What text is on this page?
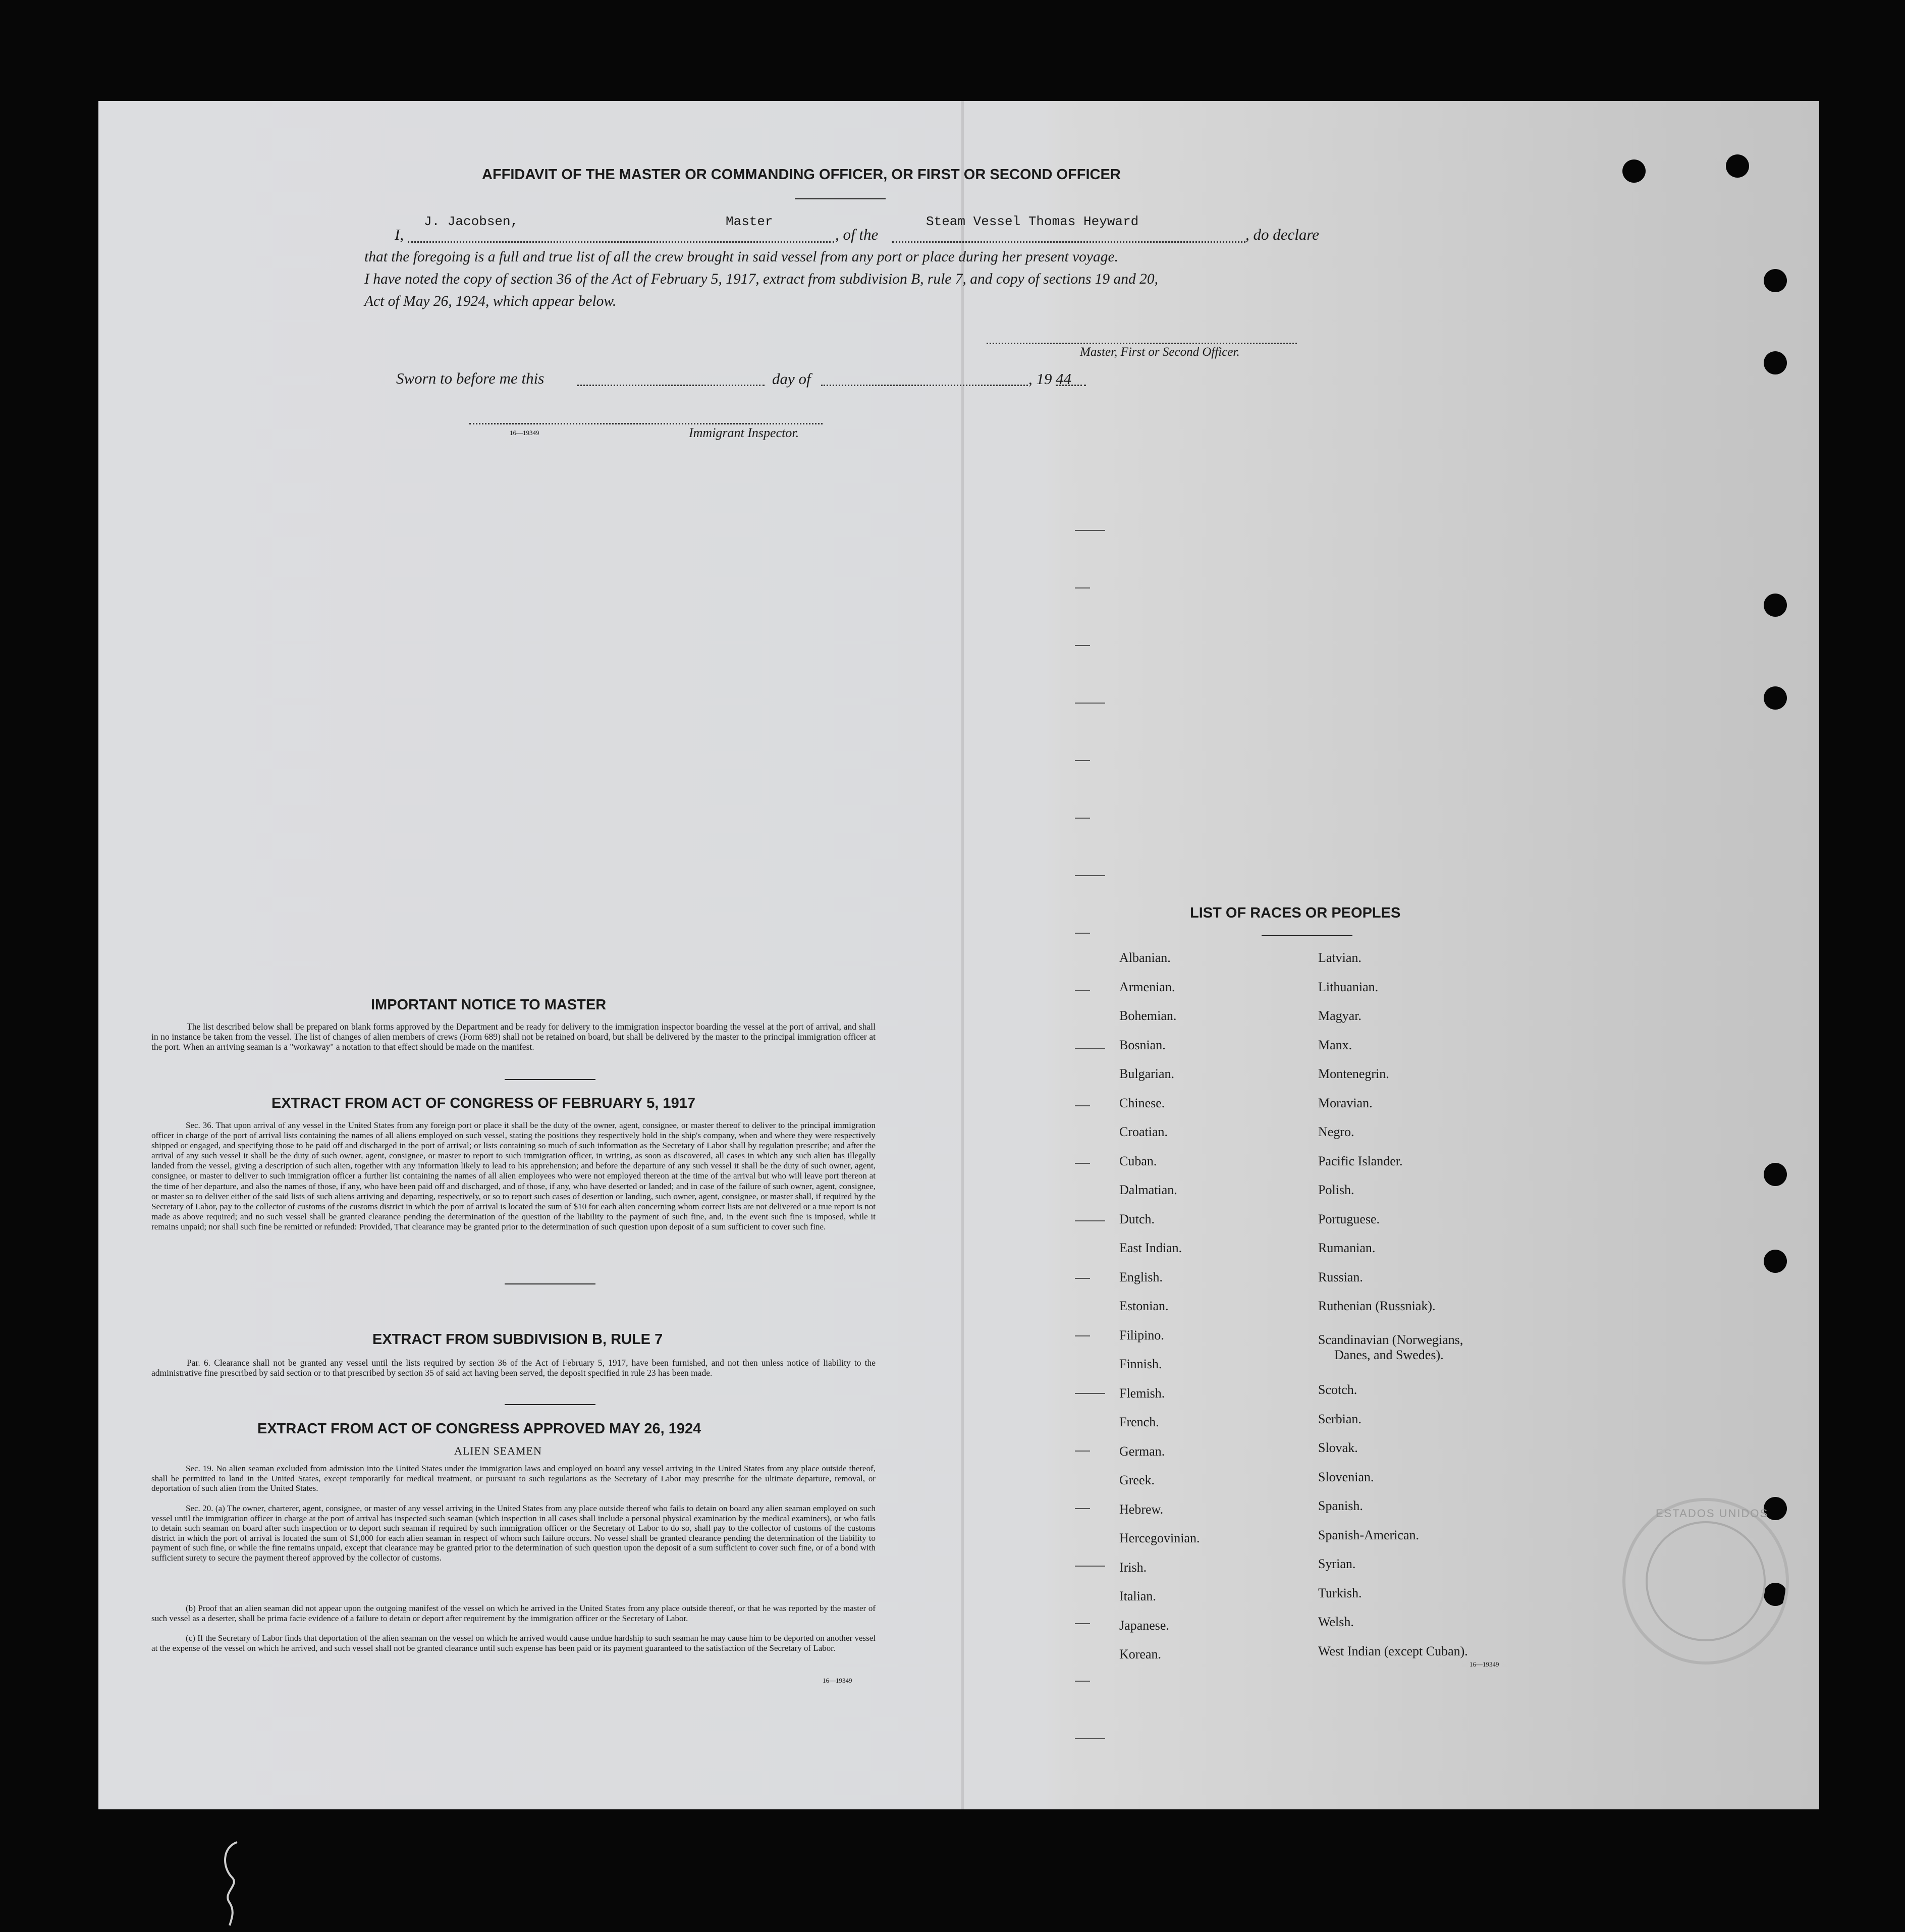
AFFIDAVIT OF THE MASTER OR COMMANDING OFFICER, OR FIRST OR SECOND OFFICER
I,
J. Jacobsen,	Master
, of the
Steam Vessel Thomas Heyward
, do declare
that the foregoing is a full and true list of all the crew brought in said vessel from any port or place during her present voyage.
I have noted the copy of section 36 of the Act of February 5, 1917, extract from subdivision B, rule 7, and copy of sections 19 and 20,
Act of May 26, 1924, which appear below.
Master, First or Second Officer.
Sworn to before me this	day of	, 19 44
16—19349	Immigrant Inspector.
IMPORTANT NOTICE TO MASTER
The list described below shall be prepared on blank forms approved by the Department and be ready for delivery to the immigration inspector boarding the vessel at the port of arrival, and shall in no instance be taken from the vessel. The list of changes of alien members of crews (Form 689) shall not be retained on board, but shall be delivered by the master to the principal immigration officer at the port. When an arriving seaman is a "workaway" a notation to that effect should be made on the manifest.
EXTRACT FROM ACT OF CONGRESS OF FEBRUARY 5, 1917
Sec. 36. That upon arrival of any vessel in the United States from any foreign port or place it shall be the duty of the owner, agent, consignee, or master thereof to deliver to the principal immigration officer in charge of the port of arrival lists containing the names of all aliens employed on such vessel, stating the positions they respectively hold in the ship's company, when and where they were respectively shipped or engaged, and specifying those to be paid off and discharged in the port of arrival; or lists containing so much of such information as the Secretary of Labor shall by regulation prescribe; and after the arrival of any such vessel it shall be the duty of such owner, agent, consignee, or master to report to such immigration officer, in writing, as soon as discovered, all cases in which any such alien has illegally landed from the vessel, giving a description of such alien, together with any information likely to lead to his apprehension; and before the departure of any such vessel it shall be the duty of such owner, agent, consignee, or master to deliver to such immigration officer a further list containing the names of all alien employees who were not employed thereon at the time of the arrival but who will leave port thereon at the time of her departure, and also the names of those, if any, who have been paid off and discharged, and of those, if any, who have deserted or landed; and in case of the failure of such owner, agent, consignee, or master so to deliver either of the said lists of such aliens arriving and departing, respectively, or so to report such cases of desertion or landing, such owner, agent, consignee, or master shall, if required by the Secretary of Labor, pay to the collector of customs of the customs district in which the port of arrival is located the sum of $10 for each alien concerning whom correct lists are not delivered or a true report is not made as above required; and no such vessel shall be granted clearance pending the determination of the question of the liability to the payment of such fine, and, in the event such fine is imposed, while it remains unpaid; nor shall such fine be remitted or refunded: Provided, That clearance may be granted prior to the determination of such question upon deposit of a sum sufficient to cover such fine.
EXTRACT FROM SUBDIVISION B, RULE 7
Par. 6. Clearance shall not be granted any vessel until the lists required by section 36 of the Act of February 5, 1917, have been furnished, and not then unless notice of liability to the administrative fine prescribed by said section or to that prescribed by section 35 of said act having been served, the deposit specified in rule 23 has been made.
EXTRACT FROM ACT OF CONGRESS APPROVED MAY 26, 1924
ALIEN SEAMEN
Sec. 19. No alien seaman excluded from admission into the United States under the immigration laws and employed on board any vessel arriving in the United States from any place outside thereof, shall be permitted to land in the United States, except temporarily for medical treatment, or pursuant to such regulations as the Secretary of Labor may prescribe for the ultimate departure, removal, or deportation of such alien from the United States.
Sec. 20. (a) The owner, charterer, agent, consignee, or master of any vessel arriving in the United States from any place outside thereof who fails to detain on board any alien seaman employed on such vessel until the immigration officer in charge at the port of arrival has inspected such seaman (which inspection in all cases shall include a personal physical examination by the medical examiners), or who fails to detain such seaman on board after such inspection or to deport such seaman if required by such immigration officer or the Secretary of Labor to do so, shall pay to the collector of customs of the customs district in which the port of arrival is located the sum of $1,000 for each alien seaman in respect of whom such failure occurs. No vessel shall be granted clearance pending the determination of the liability to payment of such fine, or while the fine remains unpaid, except that clearance may be granted prior to the determination of such question upon the deposit of a sum sufficient to cover such fine, or of a bond with sufficient surety to secure the payment thereof approved by the collector of customs.
(b) Proof that an alien seaman did not appear upon the outgoing manifest of the vessel on which he arrived in the United States from any place outside thereof, or that he was reported by the master of such vessel as a deserter, shall be prima facie evidence of a failure to detain or deport after requirement by the immigration officer or the Secretary of Labor.
(c) If the Secretary of Labor finds that deportation of the alien seaman on the vessel on which he arrived would cause undue hardship to such seaman he may cause him to be deported on another vessel at the expense of the vessel on which he arrived, and such vessel shall not be granted clearance until such expense has been paid or its payment guaranteed to the satisfaction of the Secretary of Labor.
16—19349
LIST OF RACES OR PEOPLES
Albanian.
Armenian.
Bohemian.
Bosnian.
Bulgarian.
Chinese.
Croatian.
Cuban.
Dalmatian.
Dutch.
East Indian.
English.
Estonian.
Filipino.
Finnish.
Flemish.
French.
German.
Greek.
Hebrew.
Hercegovinian.
Irish.
Italian.
Japanese.
Korean.
Latvian.
Lithuanian.
Magyar.
Manx.
Montenegrin.
Moravian.
Negro.
Pacific Islander.
Polish.
Portuguese.
Rumanian.
Russian.
Ruthenian (Russniak).
Scotch.
Serbian.
Slovak.
Slovenian.
Spanish.
Spanish-American.
Syrian.
Turkish.
Welsh.
West Indian (except Cuban).
Scandinavian (Norwegians,
Danes, and Swedes).
16—19349
ESTADOS UNIDOS
